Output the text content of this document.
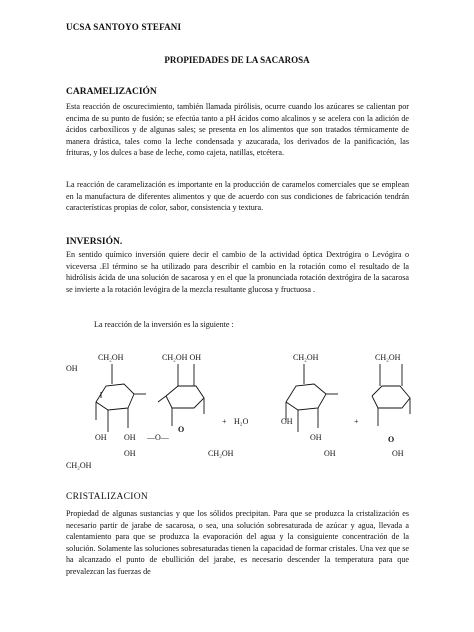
UCSA SANTOYO STEFANI
PROPIEDADES DE LA SACAROSA
CARAMELIZACIÓN
Esta reacción de oscurecimiento, también llamada pirólisis, ocurre cuando los azúcares se calientan por encima de su punto de fusión; se efectúa tanto a pH ácidos como alcalinos y se acelera con la adición de ácidos carboxílicos y de algunas sales; se presenta en los alimentos que son tratados térmicamente de manera drástica, tales como la leche condensada y azucarada, los derivados de la panificación, las frituras, y los dulces a base de leche, como cajeta, natillas, etcétera.
La reacción de caramelización es importante en la producción de caramelos comerciales que se emplean en la manufactura de diferentes alimentos y que de acuerdo con sus condiciones de fabricación tendrán características propias de color, sabor, consistencia y textura.
INVERSIÓN.
En sentido químico inversión quiere decir el cambio de la actividad óptica Dextrógira o Levógira o viceversa .El término se ha utilizado para describir el cambio en la rotación como el resultado de la hidrólisis ácida de una solución de sacarosa y en el que la pronunciada rotación dextrógira de la sacarosa se invierte a la rotación levógira de la mezcla resultante glucosa y fructuosa .
La reacción de la inversión es la siguiente :
CH₂OH	CH₂OH OH
OH
CH₂OH	CH₂OH
—O—
OH OH
O
+ H₂O	OH
OH
+
O
OH	CH₂OH	OH	OH
CH₂OH
CRISTALIZACION
Propiedad de algunas sustancias y que los sólidos precipitan. Para que se produzca la cristalización es necesario partir de jarabe de sacarosa, o sea, una solución sobresaturada de azúcar y agua, llevada a calentamiento para que se produzca la evaporación del agua y la consiguiente concentración de la solución. Solamente las soluciones sobresaturadas tienen la capacidad de formar cristales. Una vez que se ha alcanzado el punto de ebullición del jarabe, es necesario descender la temperatura para que prevalezcan las fuerzas de
